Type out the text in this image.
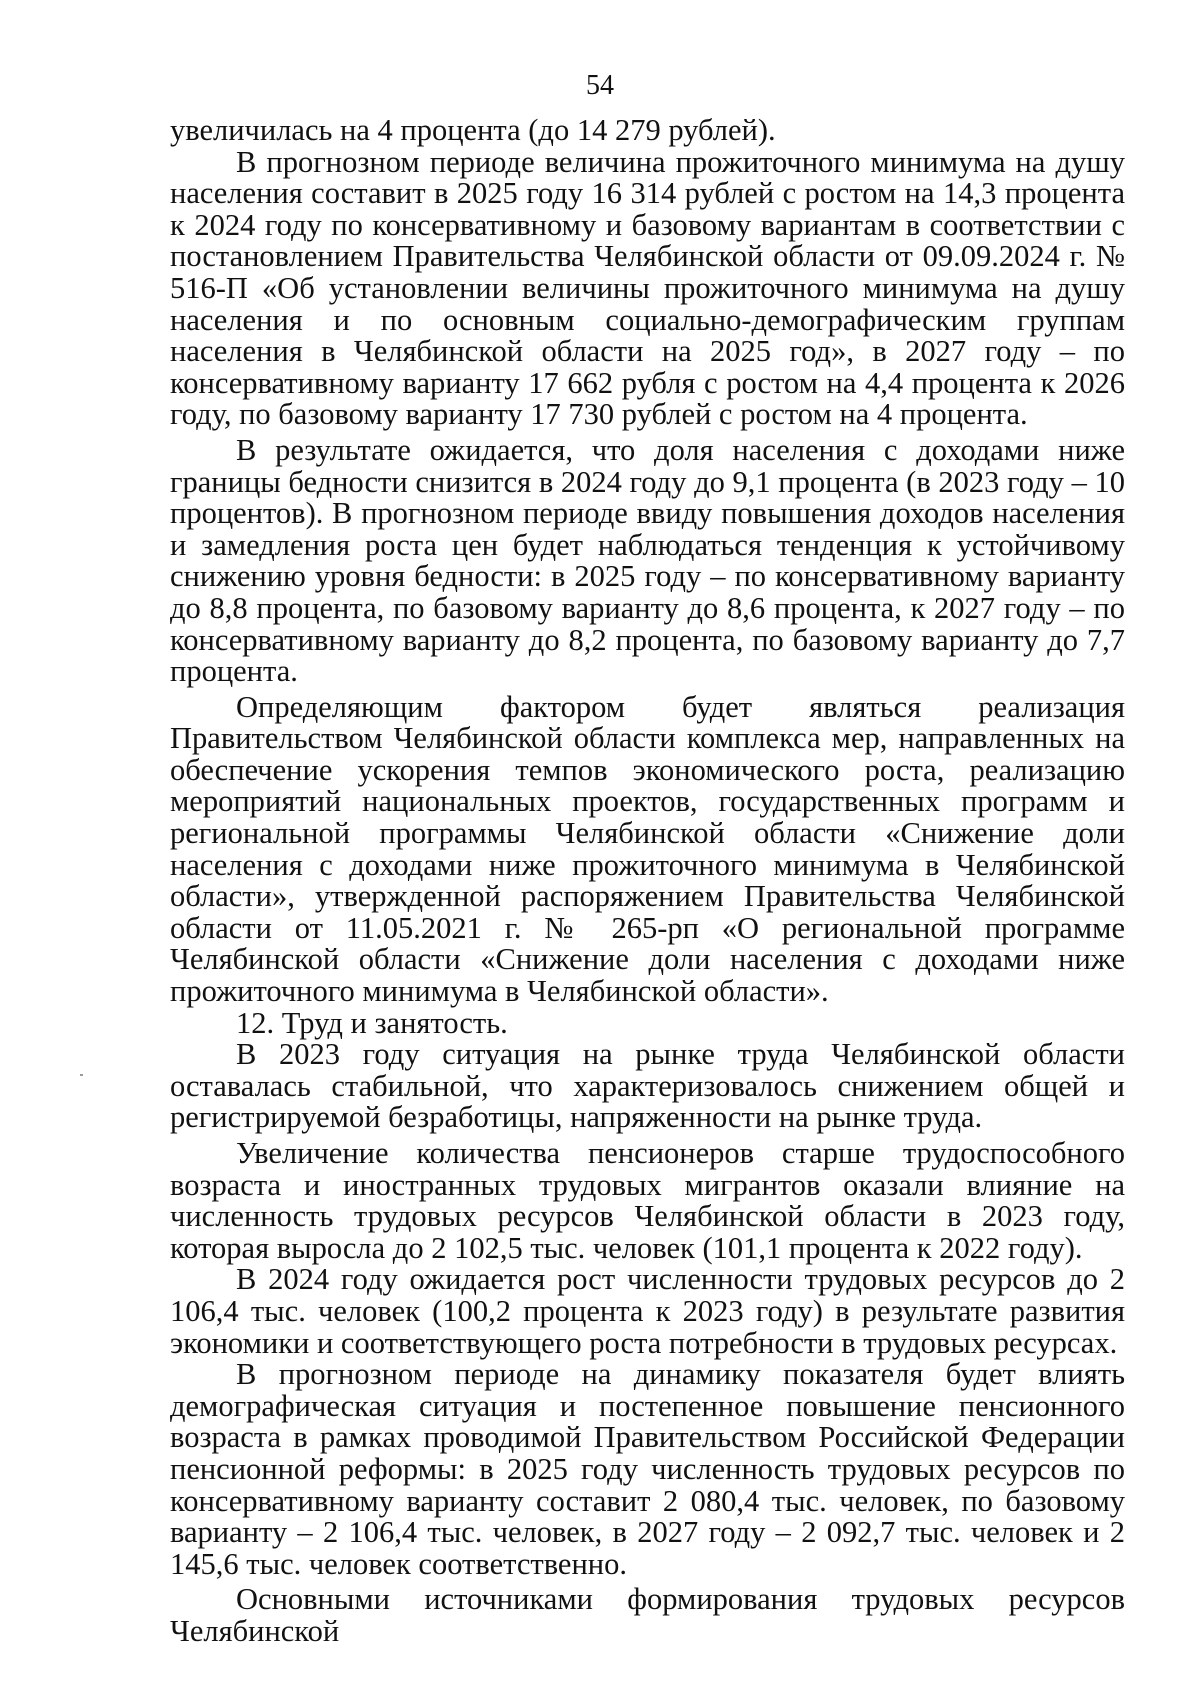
54

увеличилась на 4 процента (до 14 279 рублей).

В прогнозном периоде величина прожиточного минимума на душу населения составит в 2025 году 16 314 рублей с ростом на 14,3 процента к 2024 году по консервативному и базовому вариантам в соответствии с постановлением Правительства Челябинской области от 09.09.2024 г. № 516-П «Об установлении величины прожиточного минимума на душу населения и по основным социально-демографическим группам населения в Челябинской области на 2025 год», в 2027 году – по консервативному варианту 17 662 рубля с ростом на 4,4 процента к 2026 году, по базовому варианту 17 730 рублей с ростом на 4 процента.

В результате ожидается, что доля населения с доходами ниже границы бедности снизится в 2024 году до 9,1 процента (в 2023 году – 10 процентов). В прогнозном периоде ввиду повышения доходов населения и замедления роста цен будет наблюдаться тенденция к устойчивому снижению уровня бедности: в 2025 году – по консервативному варианту до 8,8 процента, по базовому варианту до 8,6 процента, к 2027 году – по консервативному варианту до 8,2 процента, по базовому варианту до 7,7 процента.

Определяющим фактором будет являться реализация Правительством Челябинской области комплекса мер, направленных на обеспечение ускорения темпов экономического роста, реализацию мероприятий национальных проектов, государственных программ и региональной программы Челябинской области «Снижение доли населения с доходами ниже прожиточного минимума в Челябинской области», утвержденной распоряжением Правительства Челябинской области от 11.05.2021 г. № 265-рп «О региональной программе Челябинской области «Снижение доли населения с доходами ниже прожиточного минимума в Челябинской области».

12. Труд и занятость.

В 2023 году ситуация на рынке труда Челябинской области оставалась стабильной, что характеризовалось снижением общей и регистрируемой безработицы, напряженности на рынке труда.

Увеличение количества пенсионеров старше трудоспособного возраста и иностранных трудовых мигрантов оказали влияние на численность трудовых ресурсов Челябинской области в 2023 году, которая выросла до 2 102,5 тыс. человек (101,1 процента к 2022 году).

В 2024 году ожидается рост численности трудовых ресурсов до 2 106,4 тыс. человек (100,2 процента к 2023 году) в результате развития экономики и соответствующего роста потребности в трудовых ресурсах.

В прогнозном периоде на динамику показателя будет влиять демографическая ситуация и постепенное повышение пенсионного возраста в рамках проводимой Правительством Российской Федерации пенсионной реформы: в 2025 году численность трудовых ресурсов по консервативному варианту составит 2 080,4 тыс. человек, по базовому варианту – 2 106,4 тыс. человек, в 2027 году – 2 092,7 тыс. человек и 2 145,6 тыс. человек соответственно.

Основными источниками формирования трудовых ресурсов Челябинской
